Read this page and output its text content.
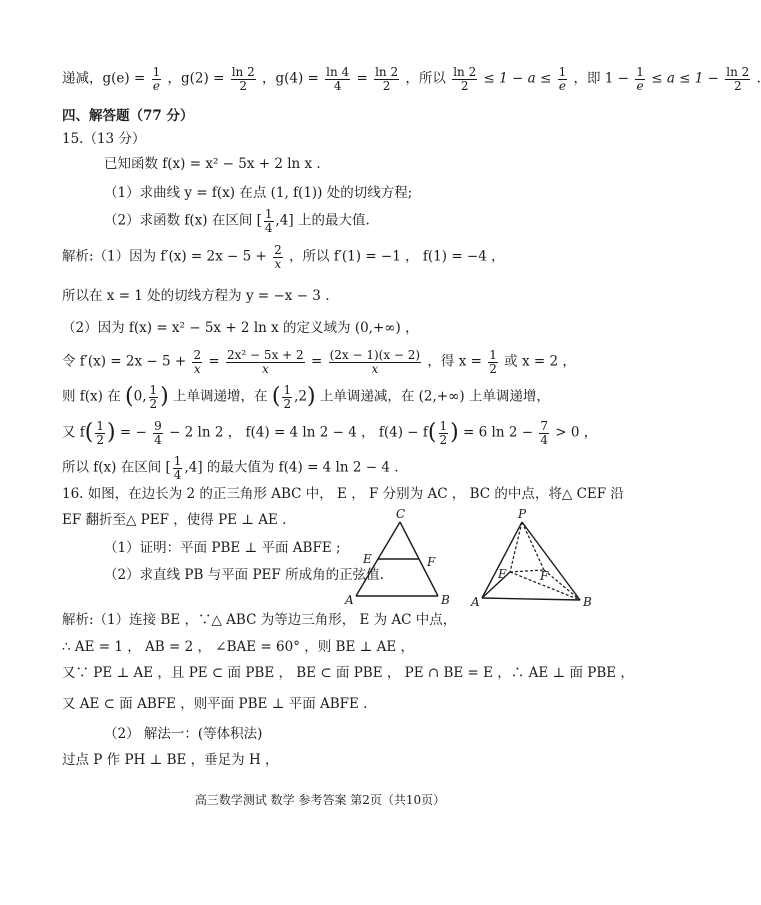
递减，$g(e) = \frac{1}{e}$ ，$g(2) = \frac{\ln 2}{2}$ ，$g(4) = \frac{\ln 4}{4} = \frac{\ln 2}{2}$ ，所以 $\frac{\ln 2}{2} \le 1 - a \le \frac{1}{e}$ ，即 $1 - \frac{1}{e} \le a \le 1 - \frac{\ln 2}{2}$ .
四、解答题（77 分）
15.（13 分）
已知函数 f(x) = x² − 5x + 2 ln x .
（1）求曲线 y = f(x) 在点 (1, f(1)) 处的切线方程;
（2）求函数 f(x) 在区间 [ $\frac{1}{4} ,4$] 上的最大值.
解析:（1）因为 $f'(x) = 2x - 5 + \frac{2}{x}$ ，所以 f′(1) = −1 ， f(1) = −4 ，
所以在 x = 1 处的切线方程为 y = −x − 3 .
（2）因为 f(x) = x² − 5x + 2 ln x 的定义域为 (0,+∞) ，
令 $f'(x) = 2x - 5 + \frac{2}{x} = \frac{\text{2x² − 5x + 2}}{x} = \frac{(2x - 1)(x - 2)}{x}$ ，得 $x = \frac{1}{2}$ 或 x = 2 ，
则 f(x) 在 (0, $\frac{1}{2}$ ) 上单调递增，在 ( $\frac{1}{2} ,2$) 上单调递减，在 (2,+∞) 上单调递增，
又 $f( \frac{1}{2}$ ) = − $\frac{9}{4} - 2$ ln 2 ， f(4) = 4 ln 2 − 4 ， $f(4) - f( \frac{1}{2}$ ) = 6 $\ln 2 - \frac{7}{4} > 0$ ，
所以 f(x) 在区间 [ $\frac{1}{4} ,4$] 的最大值为 f(4) = 4 ln 2 − 4 .
16. 如图，在边长为 2 的正三角形 ABC 中， E ， F 分别为 AC ， BC 的中点，将△ CEF 沿
EF 翻折至△ PEF ，使得 PE ⊥ AE .
（1）证明：平面 PBE ⊥ 平面 ABFE ;
（2）求直线 PB 与平面 PEF 所成角的正弦值.
C
E	F
A	B
P
E	F
A	B
解析:（1）连接 BE ，∵△ ABC 为等边三角形， E 为 AC 中点，
∴ AE = 1 ， AB = 2 ， ∠BAE = 60° ，则 BE ⊥ AE ，
又∵ PE ⊥ AE ，且 PE ⊂ 面 PBE ， BE ⊂ 面 PBE ， PE ∩ BE = E ，∴ AE ⊥ 面 PBE ，
又 AE ⊂ 面 ABFE ，则平面 PBE ⊥ 平面 ABFE .
（2） 解法一：(等体积法)
过点 P 作 PH ⊥ BE ，垂足为 H ，
高三数学测试 数学 参考答案 第2页（共10页）
